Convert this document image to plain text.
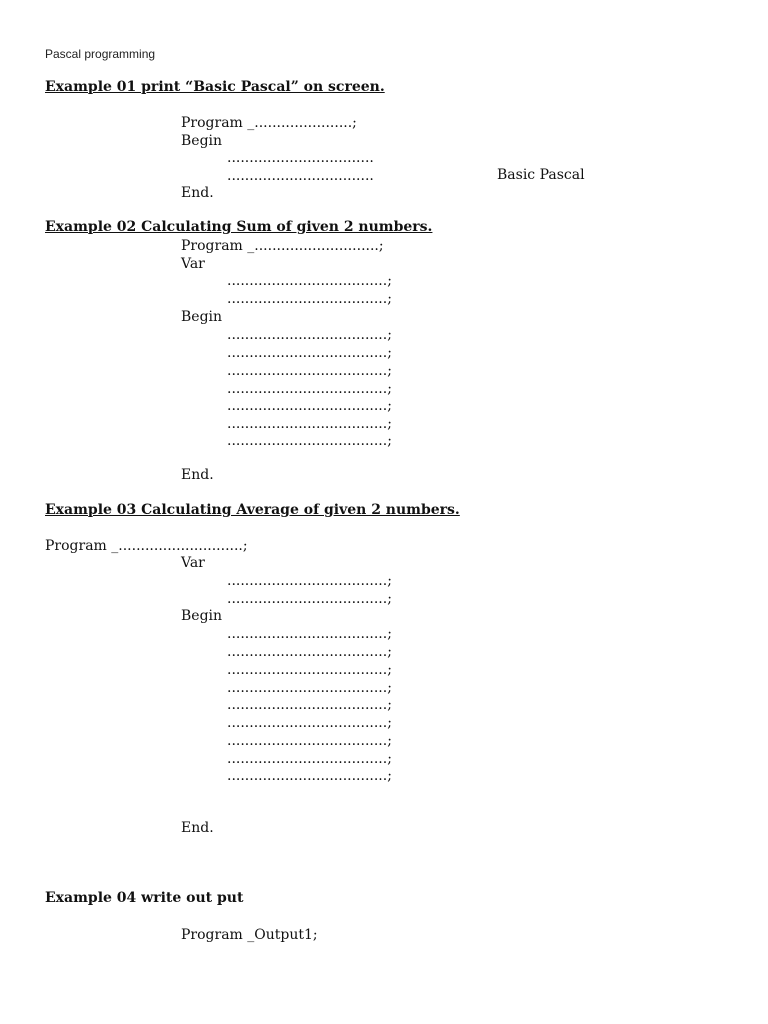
Pascal programming
Example 01 print “Basic Pascal” on screen.
Program _......................;
Begin
.................................
.................................	Basic Pascal
End.
Example 02 Calculating Sum of given 2 numbers.
Program _............................;
Var
....................................;
....................................;
Begin
....................................;
....................................;
....................................;
....................................;
....................................;
....................................;
....................................;
End.
Example 03 Calculating Average of given 2 numbers.
Program _............................;
Var
....................................;
....................................;
Begin
....................................;
....................................;
....................................;
....................................;
....................................;
....................................;
....................................;
....................................;
....................................;
End.
Example 04 write out put
Program _Output1;
